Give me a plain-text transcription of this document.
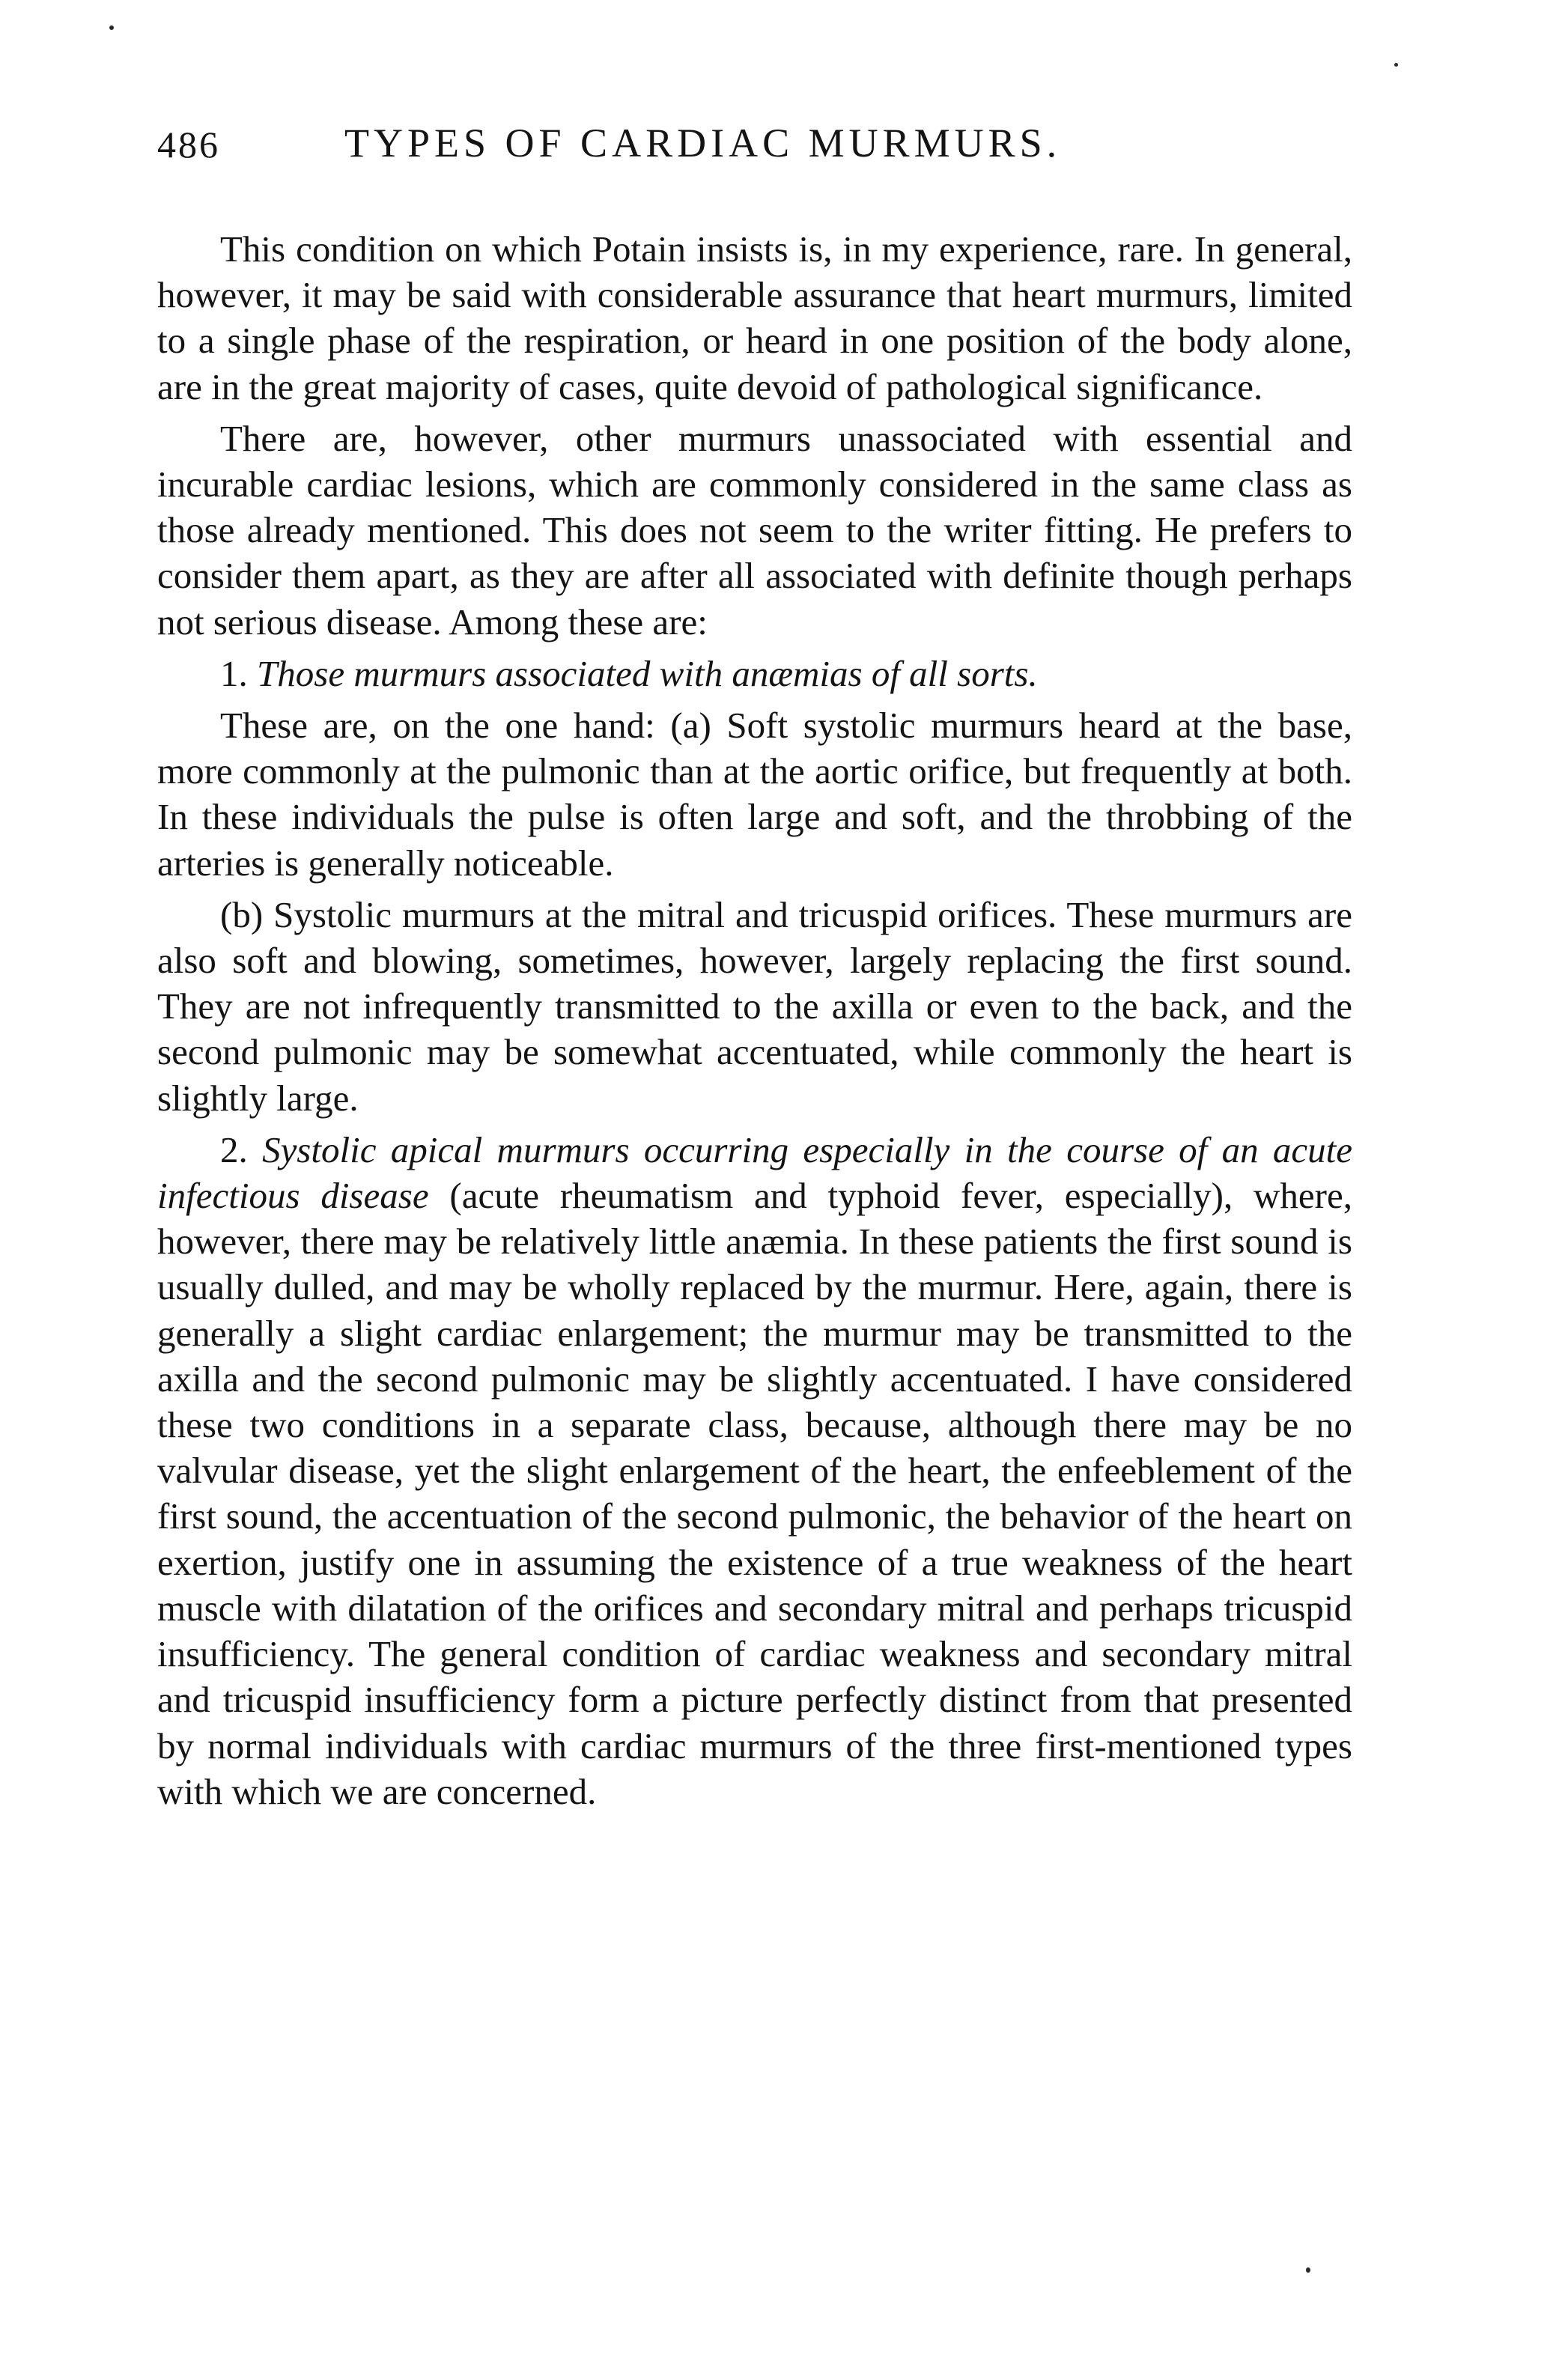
486	TYPES OF CARDIAC MURMURS.

This condition on which Potain insists is, in my experience, rare. In general, however, it may be said with considerable assurance that heart murmurs, limited to a single phase of the respiration, or heard in one position of the body alone, are in the great majority of cases, quite devoid of pathological significance.

There are, however, other murmurs unassociated with essential and incurable cardiac lesions, which are commonly considered in the same class as those already mentioned. This does not seem to the writer fitting. He prefers to consider them apart, as they are after all associated with definite though perhaps not serious disease. Among these are:

1. Those murmurs associated with anæmias of all sorts.

These are, on the one hand: (a) Soft systolic murmurs heard at the base, more commonly at the pulmonic than at the aortic orifice, but frequently at both. In these individuals the pulse is often large and soft, and the throbbing of the arteries is generally noticeable.

(b) Systolic murmurs at the mitral and tricuspid orifices. These murmurs are also soft and blowing, sometimes, however, largely replacing the first sound. They are not infrequently transmitted to the axilla or even to the back, and the second pulmonic may be somewhat accentuated, while commonly the heart is slightly large.

2. Systolic apical murmurs occurring especially in the course of an acute infectious disease (acute rheumatism and typhoid fever, especially), where, however, there may be relatively little anæmia. In these patients the first sound is usually dulled, and may be wholly replaced by the murmur. Here, again, there is generally a slight cardiac enlargement; the murmur may be transmitted to the axilla and the second pulmonic may be slightly accentuated. I have considered these two conditions in a separate class, because, although there may be no valvular disease, yet the slight enlargement of the heart, the enfeeblement of the first sound, the accentuation of the second pulmonic, the behavior of the heart on exertion, justify one in assuming the existence of a true weakness of the heart muscle with dilatation of the orifices and secondary mitral and perhaps tricuspid insufficiency. The general condition of cardiac weakness and secondary mitral and tricuspid insufficiency form a picture perfectly distinct from that presented by normal individuals with cardiac murmurs of the three first-mentioned types with which we are concerned.
